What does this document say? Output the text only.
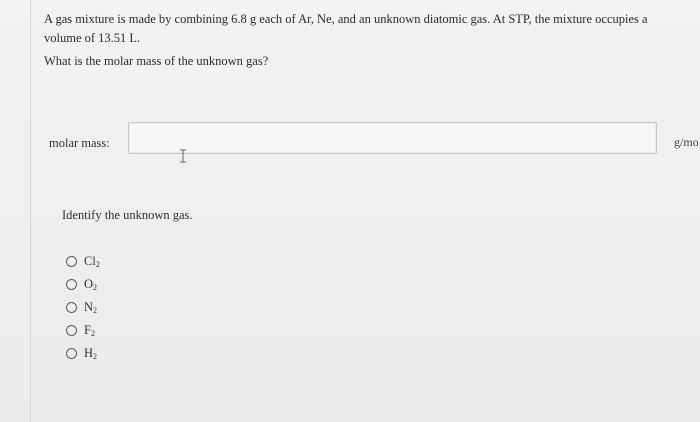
A gas mixture is made by combining 6.8 g each of Ar, Ne, and an unknown diatomic gas. At STP, the mixture occupies a volume of 13.51 L.
What is the molar mass of the unknown gas?
molar mass:	g/mo
Identify the unknown gas.
$Cl_2$
$O_2$
$N_2$
$F_2$
$H_2$
